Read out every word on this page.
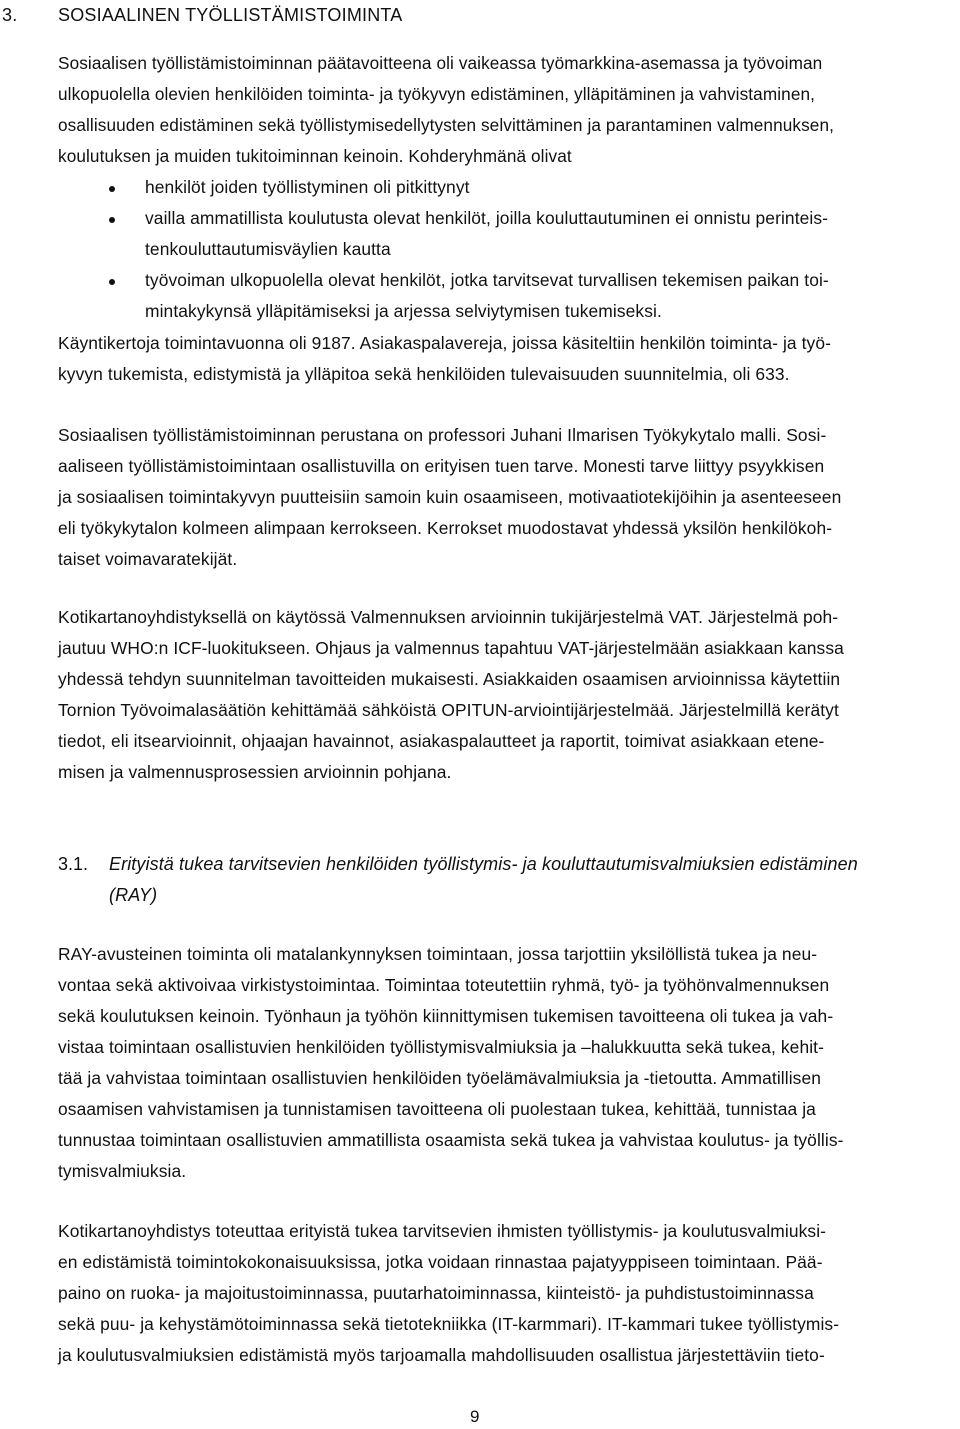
3. SOSIAALINEN TYÖLLISTÄMISTOIMINTA
Sosiaalisen työllistämistoiminnan päätavoitteena oli vaikeassa työmarkkina-asemassa ja työvoiman
ulkopuolella olevien henkilöiden toiminta- ja työkyvyn edistäminen, ylläpitäminen ja vahvistaminen,
osallisuuden edistäminen sekä työllistymisedellytysten selvittäminen ja parantaminen valmennuksen,
koulutuksen ja muiden tukitoiminnan keinoin. Kohderyhmänä olivat
henkilöt joiden työllistyminen oli pitkittynyt
vailla ammatillista koulutusta olevat henkilöt, joilla kouluttautuminen ei onnistu perinteis-
tenkouluttautumisväylien kautta
työvoiman ulkopuolella olevat henkilöt, jotka tarvitsevat turvallisen tekemisen paikan toi-
mintakykynsä ylläpitämiseksi ja arjessa selviytymisen tukemiseksi.
Käyntikertoja toimintavuonna oli 9187. Asiakaspalavereja, joissa käsiteltiin henkilön toiminta- ja työ-
kyvyn tukemista, edistymistä ja ylläpitoa sekä henkilöiden tulevaisuuden suunnitelmia, oli 633.
Sosiaalisen työllistämistoiminnan perustana on professori Juhani Ilmarisen Työkykytalo malli. Sosi-
aaliseen työllistämistoimintaan osallistuvilla on erityisen tuen tarve. Monesti tarve liittyy psyykkisen
ja sosiaalisen toimintakyvyn puutteisiin samoin kuin osaamiseen, motivaatiotekijöihin ja asenteeseen
eli työkykytalon kolmeen alimpaan kerrokseen. Kerrokset muodostavat yhdessä yksilön henkilökoh-
taiset voimavaratekijät.
Kotikartanoyhdistyksellä on käytössä Valmennuksen arvioinnin tukijärjestelmä VAT. Järjestelmä poh-
jautuu WHO:n ICF-luokitukseen. Ohjaus ja valmennus tapahtuu VAT-järjestelmään asiakkaan kanssa
yhdessä tehdyn suunnitelman tavoitteiden mukaisesti. Asiakkaiden osaamisen arvioinnissa käytettiin
Tornion Työvoimalasäätiön kehittämää sähköistä OPITUN-arviointijärjestelmää. Järjestelmillä kerätyt
tiedot, eli itsearvioinnit, ohjaajan havainnot, asiakaspalautteet ja raportit, toimivat asiakkaan etene-
misen ja valmennusprosessien arvioinnin pohjana.
3.1. Erityistä tukea tarvitsevien henkilöiden työllistymis- ja kouluttautumisvalmiuksien edistäminen
(RAY)
RAY-avusteinen toiminta oli matalankynnyksen toimintaan, jossa tarjottiin yksilöllistä tukea ja neu-
vontaa sekä aktivoivaa virkistystoimintaa. Toimintaa toteutettiin ryhmä, työ- ja työhönvalmennuksen
sekä koulutuksen keinoin. Työnhaun ja työhön kiinnittymisen tukemisen tavoitteena oli tukea ja vah-
vistaa toimintaan osallistuvien henkilöiden työllistymisvalmiuksia ja –halukkuutta sekä tukea, kehit-
tää ja vahvistaa toimintaan osallistuvien henkilöiden työelämävalmiuksia ja -tietoutta. Ammatillisen
osaamisen vahvistamisen ja tunnistamisen tavoitteena oli puolestaan tukea, kehittää, tunnistaa ja
tunnustaa toimintaan osallistuvien ammatillista osaamista sekä tukea ja vahvistaa koulutus- ja työllis-
tymisvalmiuksia.
Kotikartanoyhdistys toteuttaa erityistä tukea tarvitsevien ihmisten työllistymis- ja koulutusvalmiuksi-
en edistämistä toimintokokonaisuuksissa, jotka voidaan rinnastaa pajatyyppiseen toimintaan. Pää-
paino on ruoka- ja majoitustoiminnassa, puutarhatoiminnassa, kiinteistö- ja puhdistustoiminnassa
sekä puu- ja kehystämötoiminnassa sekä tietotekniikka (IT-karmmari). IT-kammari tukee työllistymis-
ja koulutusvalmiuksien edistämistä myös tarjoamalla mahdollisuuden osallistua järjestettäviin tieto-
9
